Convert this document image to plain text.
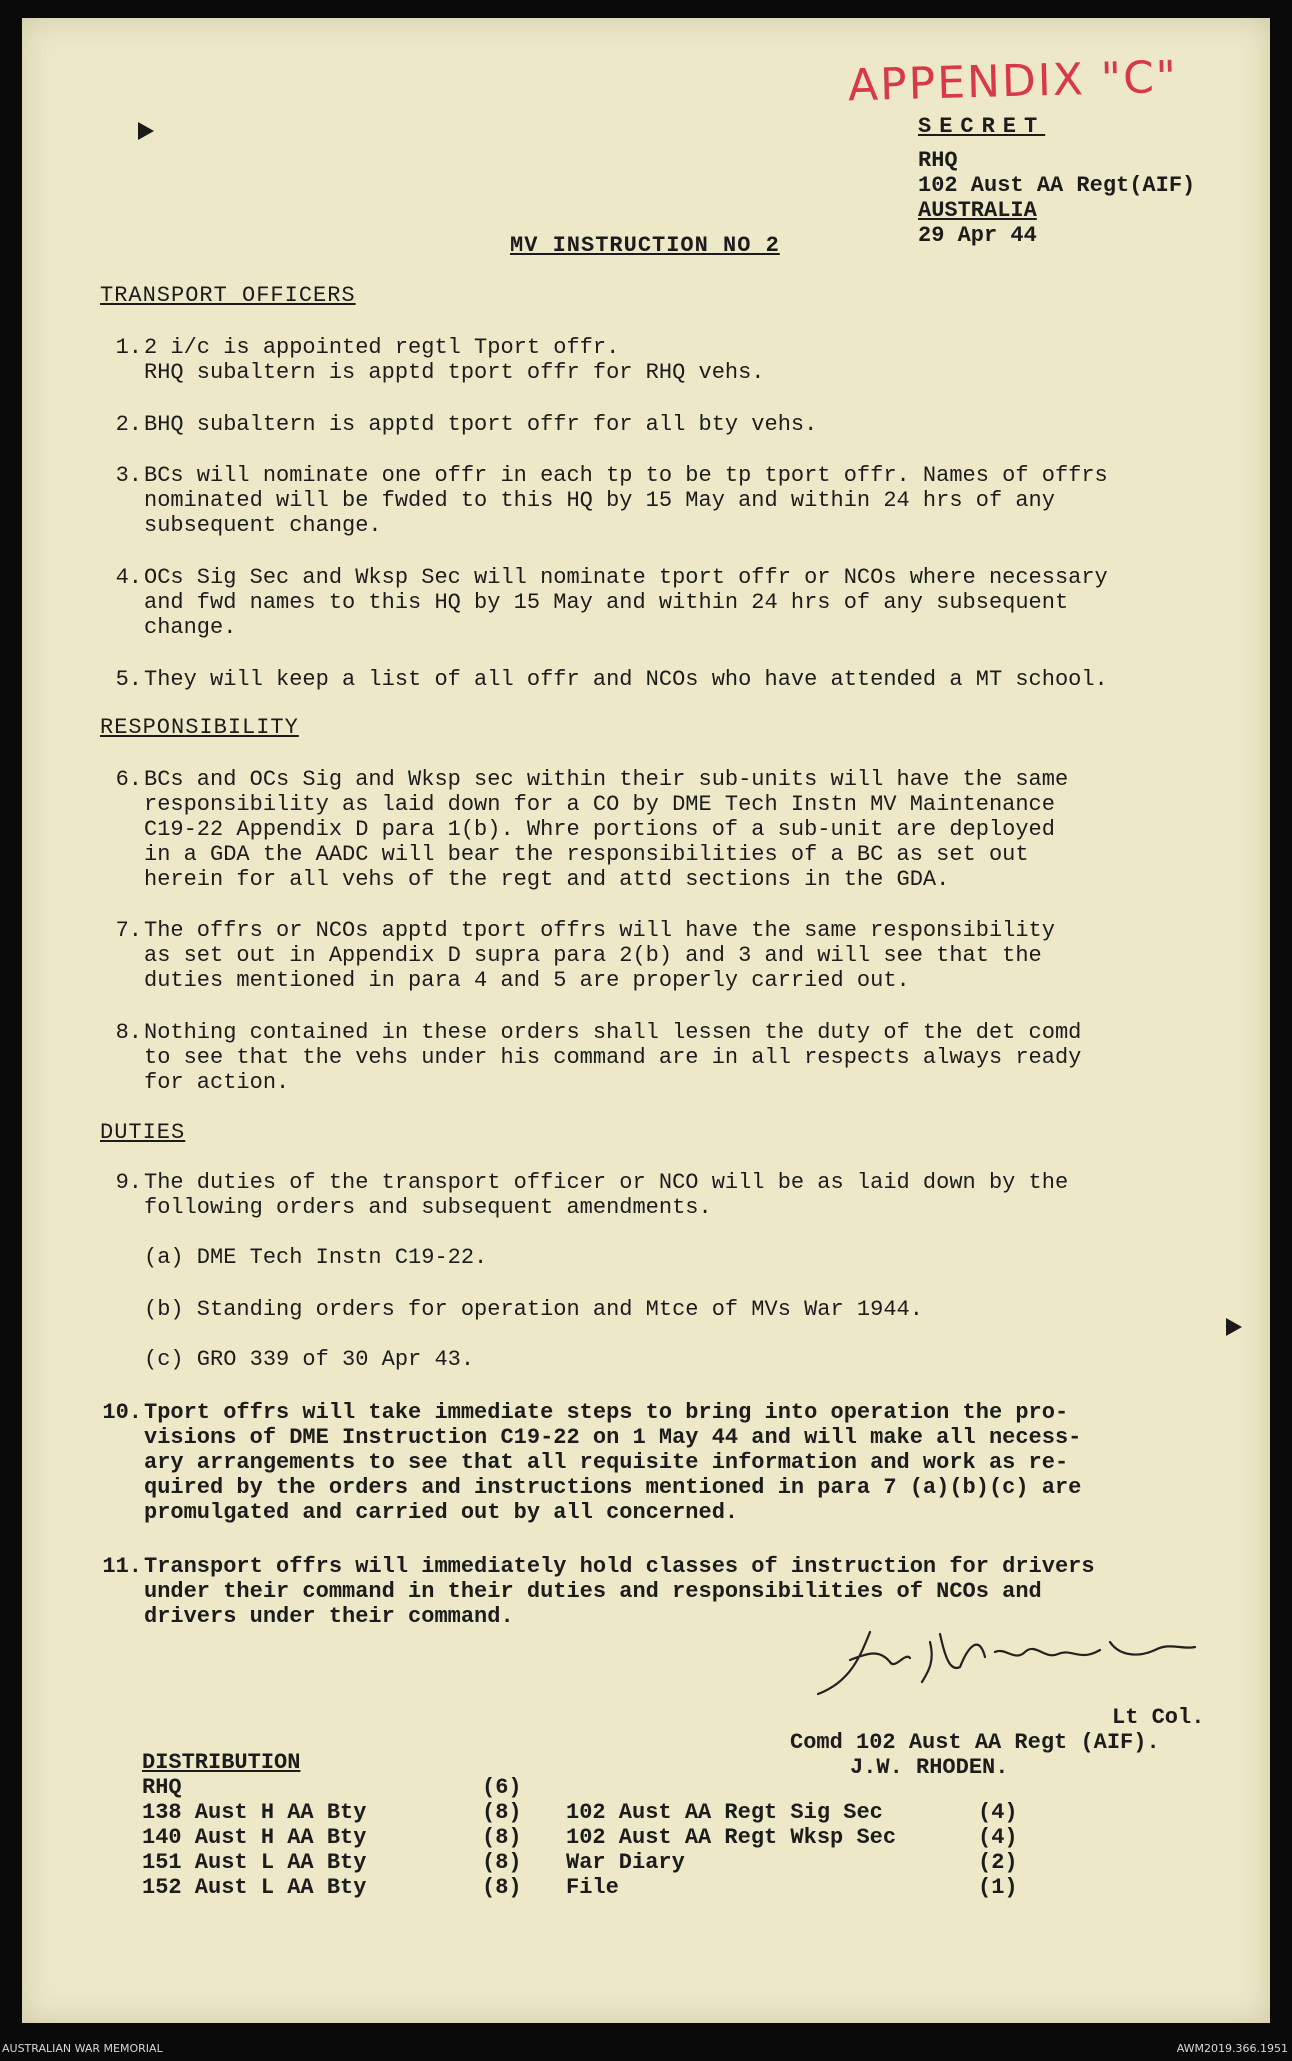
APPENDIX "C"
SECRET
RHQ
102 Aust AA Regt(AIF)
AUSTRALIA
29 Apr 44
MV INSTRUCTION NO 2
TRANSPORT OFFICERS
1. 2 i/c is appointed regtl Tport offr.
RHQ subaltern is apptd tport offr for RHQ vehs.
2. BHQ subaltern is apptd tport offr for all bty vehs.
3. BCs will nominate one offr in each tp to be tp tport offr. Names of offrs
nominated will be fwded to this HQ by 15 May and within 24 hrs of any
subsequent change.
4. OCs Sig Sec and Wksp Sec will nominate tport offr or NCOs where necessary
and fwd names to this HQ by 15 May and within 24 hrs of any subsequent
change.
5. They will keep a list of all offr and NCOs who have attended a MT school.
RESPONSIBILITY
6. BCs and OCs Sig and Wksp sec within their sub-units will have the same
responsibility as laid down for a CO by DME Tech Instn MV Maintenance
C19-22 Appendix D para 1(b). Whre portions of a sub-unit are deployed
in a GDA the AADC will bear the responsibilities of a BC as set out
herein for all vehs of the regt and attd sections in the GDA.
7. The offrs or NCOs apptd tport offrs will have the same responsibility
as set out in Appendix D supra para 2(b) and 3 and will see that the
duties mentioned in para 4 and 5 are properly carried out.
8. Nothing contained in these orders shall lessen the duty of the det comd
to see that the vehs under his command are in all respects always ready
for action.
DUTIES
9. The duties of the transport officer or NCO will be as laid down by the
following orders and subsequent amendments.
(a) DME Tech Instn C19-22.
(b) Standing orders for operation and Mtce of MVs War 1944.
(c) GRO 339 of 30 Apr 43.
10. Tport offrs will take immediate steps to bring into operation the pro-
visions of DME Instruction C19-22 on 1 May 44 and will make all necess-
ary arrangements to see that all requisite information and work as re-
quired by the orders and instructions mentioned in para 7 (a)(b)(c) are
promulgated and carried out by all concerned.
11. Transport offrs will immediately hold classes of instruction for drivers
under their command in their duties and responsibilities of NCOs and
drivers under their command.
Lt Col.
Comd 102 Aust AA Regt (AIF).
J.W. RHODEN.
DISTRIBUTION
RHQ
138 Aust H AA Bty
140 Aust H AA Bty
151 Aust L AA Bty
152 Aust L AA Bty
(6)
(8)
(8)
(8)
(8)
102 Aust AA Regt Sig Sec
102 Aust AA Regt Wksp Sec
War Diary
File
(4)
(4)
(2)
(1)
AUSTRALIAN WAR MEMORIAL	AWM2019.366.1951
